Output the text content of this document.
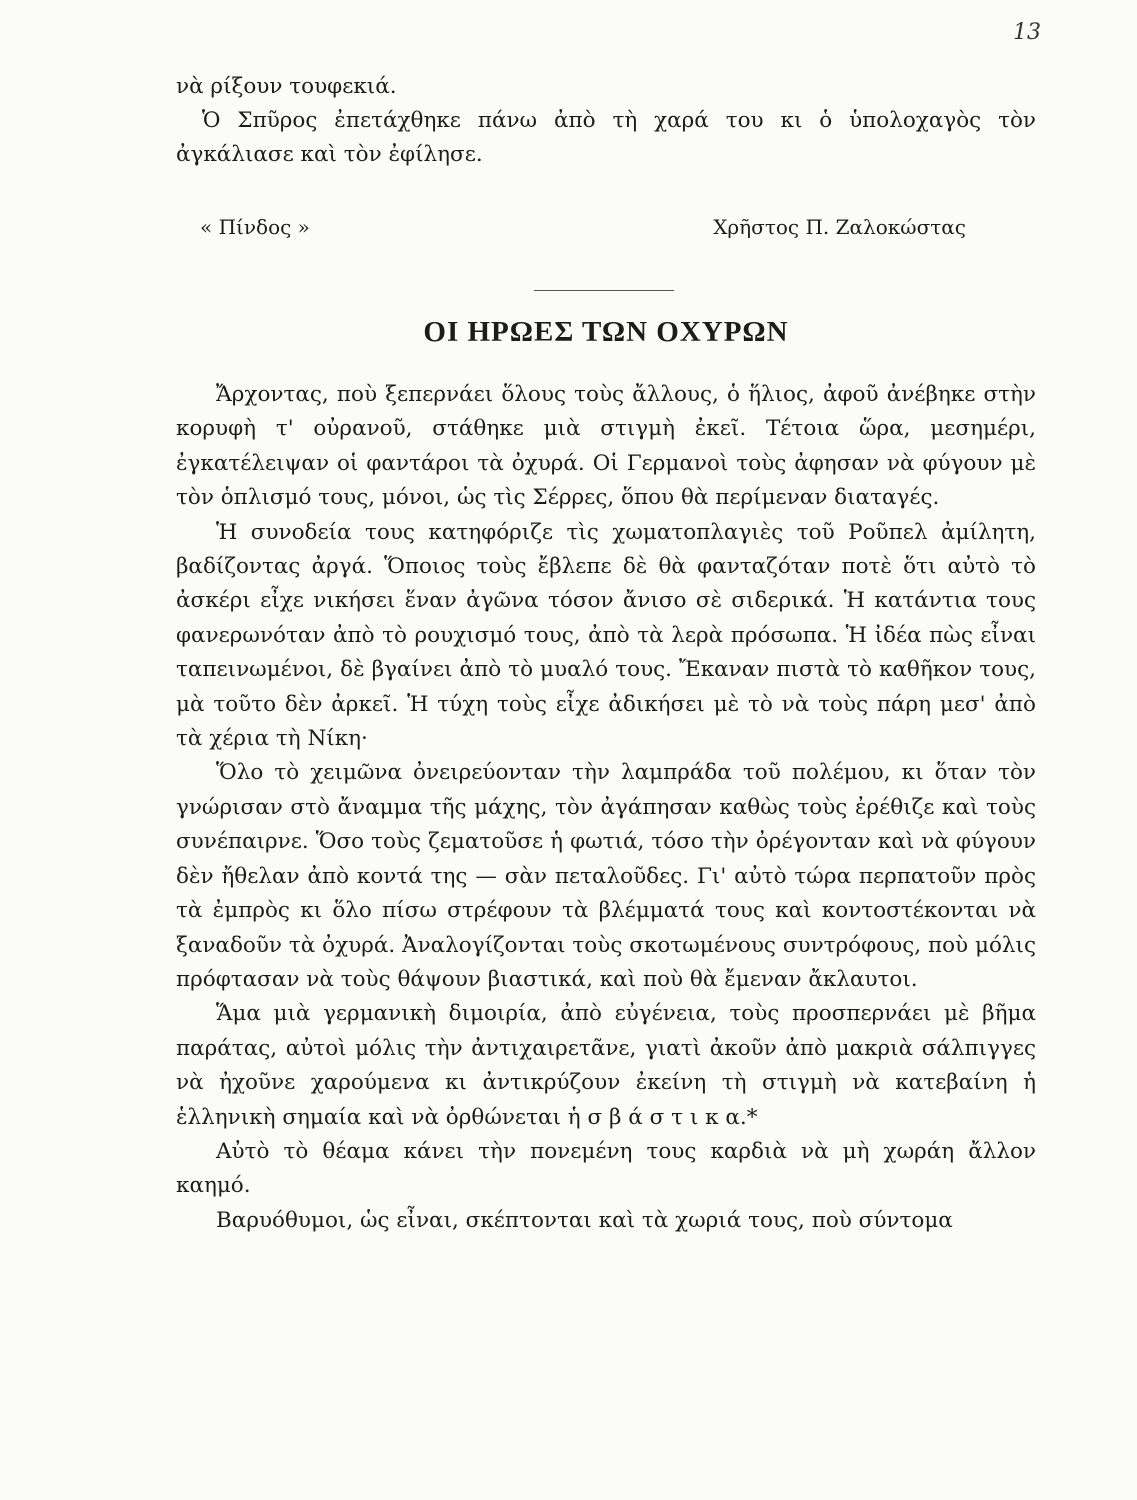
13

νὰ ρίξουν τουφεκιά.

Ὁ Σπῦρος ἐπετάχθηκε πάνω ἀπὸ τὴ χαρά του κι ὁ ὑπολοχαγὸς τὸν ἀγκάλιασε καὶ τὸν ἐφίλησε.

« Πίνδος »	Χρῆστος Π. Ζαλοκώστας
ΟΙ ΗΡΩΕΣ ΤΩΝ ΟΧΥΡΩΝ

Ἄρχοντας, ποὺ ξεπερνάει ὅλους τοὺς ἄλλους, ὁ ἥλιος, ἀφοῦ ἀνέβηκε στὴν κορυφὴ τ' οὐρανοῦ, στάθηκε μιὰ στιγμὴ ἐκεῖ. Τέτοια ὥρα, μεσημέρι, ἐγκατέλειψαν οἱ φαντάροι τὰ ὀχυρά. Οἱ Γερμανοὶ τοὺς ἀφησαν νὰ φύγουν μὲ τὸν ὁπλισμό τους, μόνοι, ὡς τὶς Σέρρες, ὅπου θὰ περίμεναν διαταγές.

Ἡ συνοδεία τους κατηφόριζε τὶς χωματοπλαγιὲς τοῦ Ροῦπελ ἀμίλητη, βαδίζοντας ἀργά. Ὅποιος τοὺς ἔβλεπε δὲ θὰ φανταζόταν ποτὲ ὅτι αὐτὸ τὸ ἀσκέρι εἶχε νικήσει ἕναν ἀγῶνα τόσον ἄνισο σὲ σιδερικά. Ἡ κατάντια τους φανερωνόταν ἀπὸ τὸ ρουχισμό τους, ἀπὸ τὰ λερὰ πρόσωπα. Ἡ ἰδέα πὼς εἶναι ταπεινωμένοι, δὲ βγαίνει ἀπὸ τὸ μυαλό τους. Ἔκαναν πιστὰ τὸ καθῆκον τους, μὰ τοῦτο δὲν ἀρκεῖ. Ἡ τύχη τοὺς εἶχε ἀδικήσει μὲ τὸ νὰ τοὺς πάρη μεσ' ἀπὸ τὰ χέρια τὴ Νίκη·

Ὅλο τὸ χειμῶνα ὀνειρεύονταν τὴν λαμπράδα τοῦ πολέμου, κι ὅταν τὸν γνώρισαν στὸ ἄναμμα τῆς μάχης, τὸν ἀγάπησαν καθὼς τοὺς ἐρέθιζε καὶ τοὺς συνέπαιρνε. Ὅσο τοὺς ζεματοῦσε ἡ φωτιά, τόσο τὴν ὀρέγονταν καὶ νὰ φύγουν δὲν ἤθελαν ἀπὸ κοντά της — σὰν πεταλοῦδες. Γι' αὐτὸ τώρα περπατοῦν πρὸς τὰ ἐμπρὸς κι ὅλο πίσω στρέφουν τὰ βλέμματά τους καὶ κοντοστέκονται νὰ ξαναδοῦν τὰ ὀχυρά. Ἀναλογίζονται τοὺς σκοτωμένους συντρόφους, ποὺ μόλις πρόφτασαν νὰ τοὺς θάψουν βιαστικά, καὶ ποὺ θὰ ἔμεναν ἄκλαυτοι.

Ἅμα μιὰ γερμανικὴ διμοιρία, ἀπὸ εὐγένεια, τοὺς προσπερνάει μὲ βῆμα παράτας, αὐτοὶ μόλις τὴν ἀντιχαιρετᾶνε, γιατὶ ἀκοῦν ἀπὸ μακριὰ σάλπιγγες νὰ ἠχοῦνε χαρούμενα κι ἀντικρύζουν ἐκείνη τὴ στιγμὴ νὰ κατεβαίνη ἡ ἑλληνικὴ σημαία καὶ νὰ ὀρθώνεται ἡ σ β ά σ τ ι κ α.*

Αὐτὸ τὸ θέαμα κάνει τὴν πονεμένη τους καρδιὰ νὰ μὴ χωράη ἄλλον καημό.

Βαρυόθυμοι, ὡς εἶναι, σκέπτονται καὶ τὰ χωριά τους, ποὺ σύντομα
